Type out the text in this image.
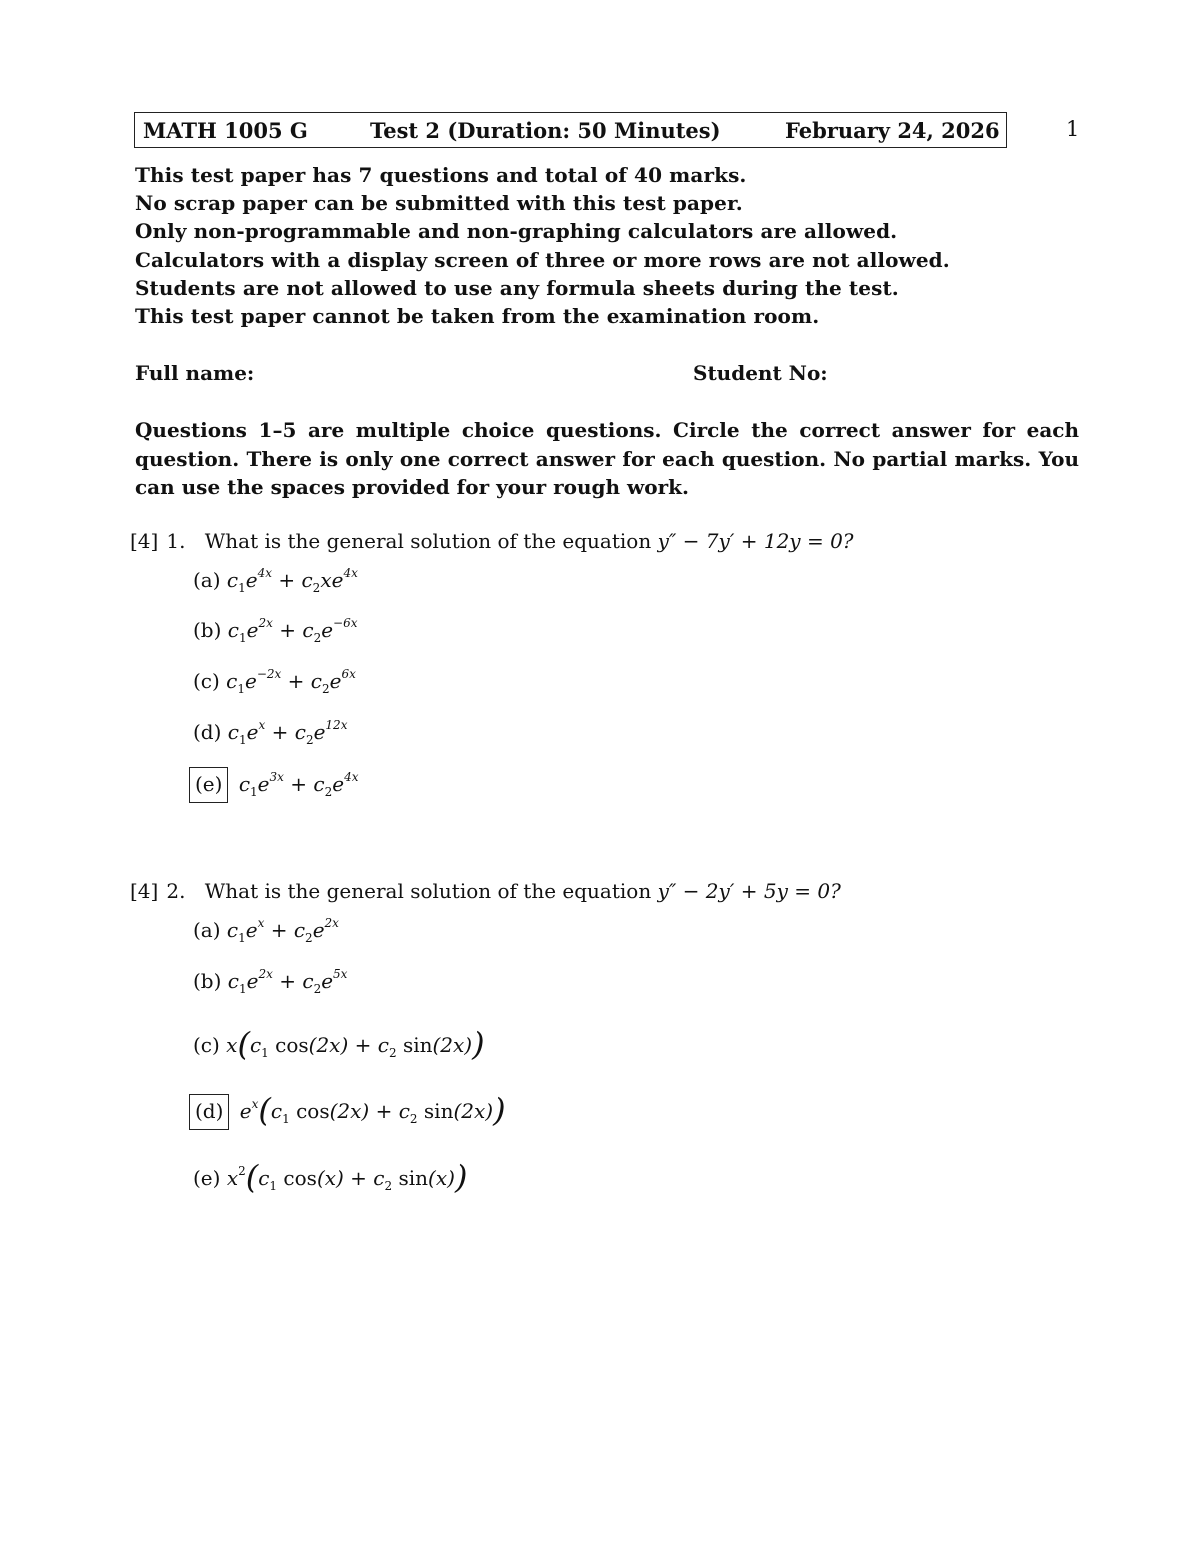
MATH 1005 G	Test 2 (Duration: 50 Minutes)	February 24, 2026	1
This test paper has 7 questions and total of 40 marks.
No scrap paper can be submitted with this test paper.
Only non-programmable and non-graphing calculators are allowed.
Calculators with a display screen of three or more rows are not allowed.
Students are not allowed to use any formula sheets during the test.
This test paper cannot be taken from the examination room.
Full name:	Student No:
Questions 1–5 are multiple choice questions. Circle the correct answer for each question. There is only one correct answer for each question. No partial marks. You can use the spaces provided for your rough work.
[4] 1. What is the general solution of the equation y″ − 7y′ + 12y = 0?
(a) $c_1e^{4x} + c_2xe^{4x}$
(b) $c_1e^{2x} + c_2e^{-6x}$
(c) $c_1e^{-2x} + c_2e^{6x}$
(d) $c_1e^x + c_2e^{12x}$
(e) $c_1e^{3x} + c_2e^{4x}$
[4] 2. What is the general solution of the equation y″ − 2y′ + 5y = 0?
(a) $c_1e^x + c_2e^{2x}$
(b) $c_1e^{2x} + c_2e^{5x}$
(c) $x(c_1$ $\cos(2x) + c_2$ sin(2x))
(d) $e^x(c_1$ $\cos(2x) + c_2$ sin(2x))
(e) $x^2(c_1$ $\cos(x) + c_2$ sin(x))
